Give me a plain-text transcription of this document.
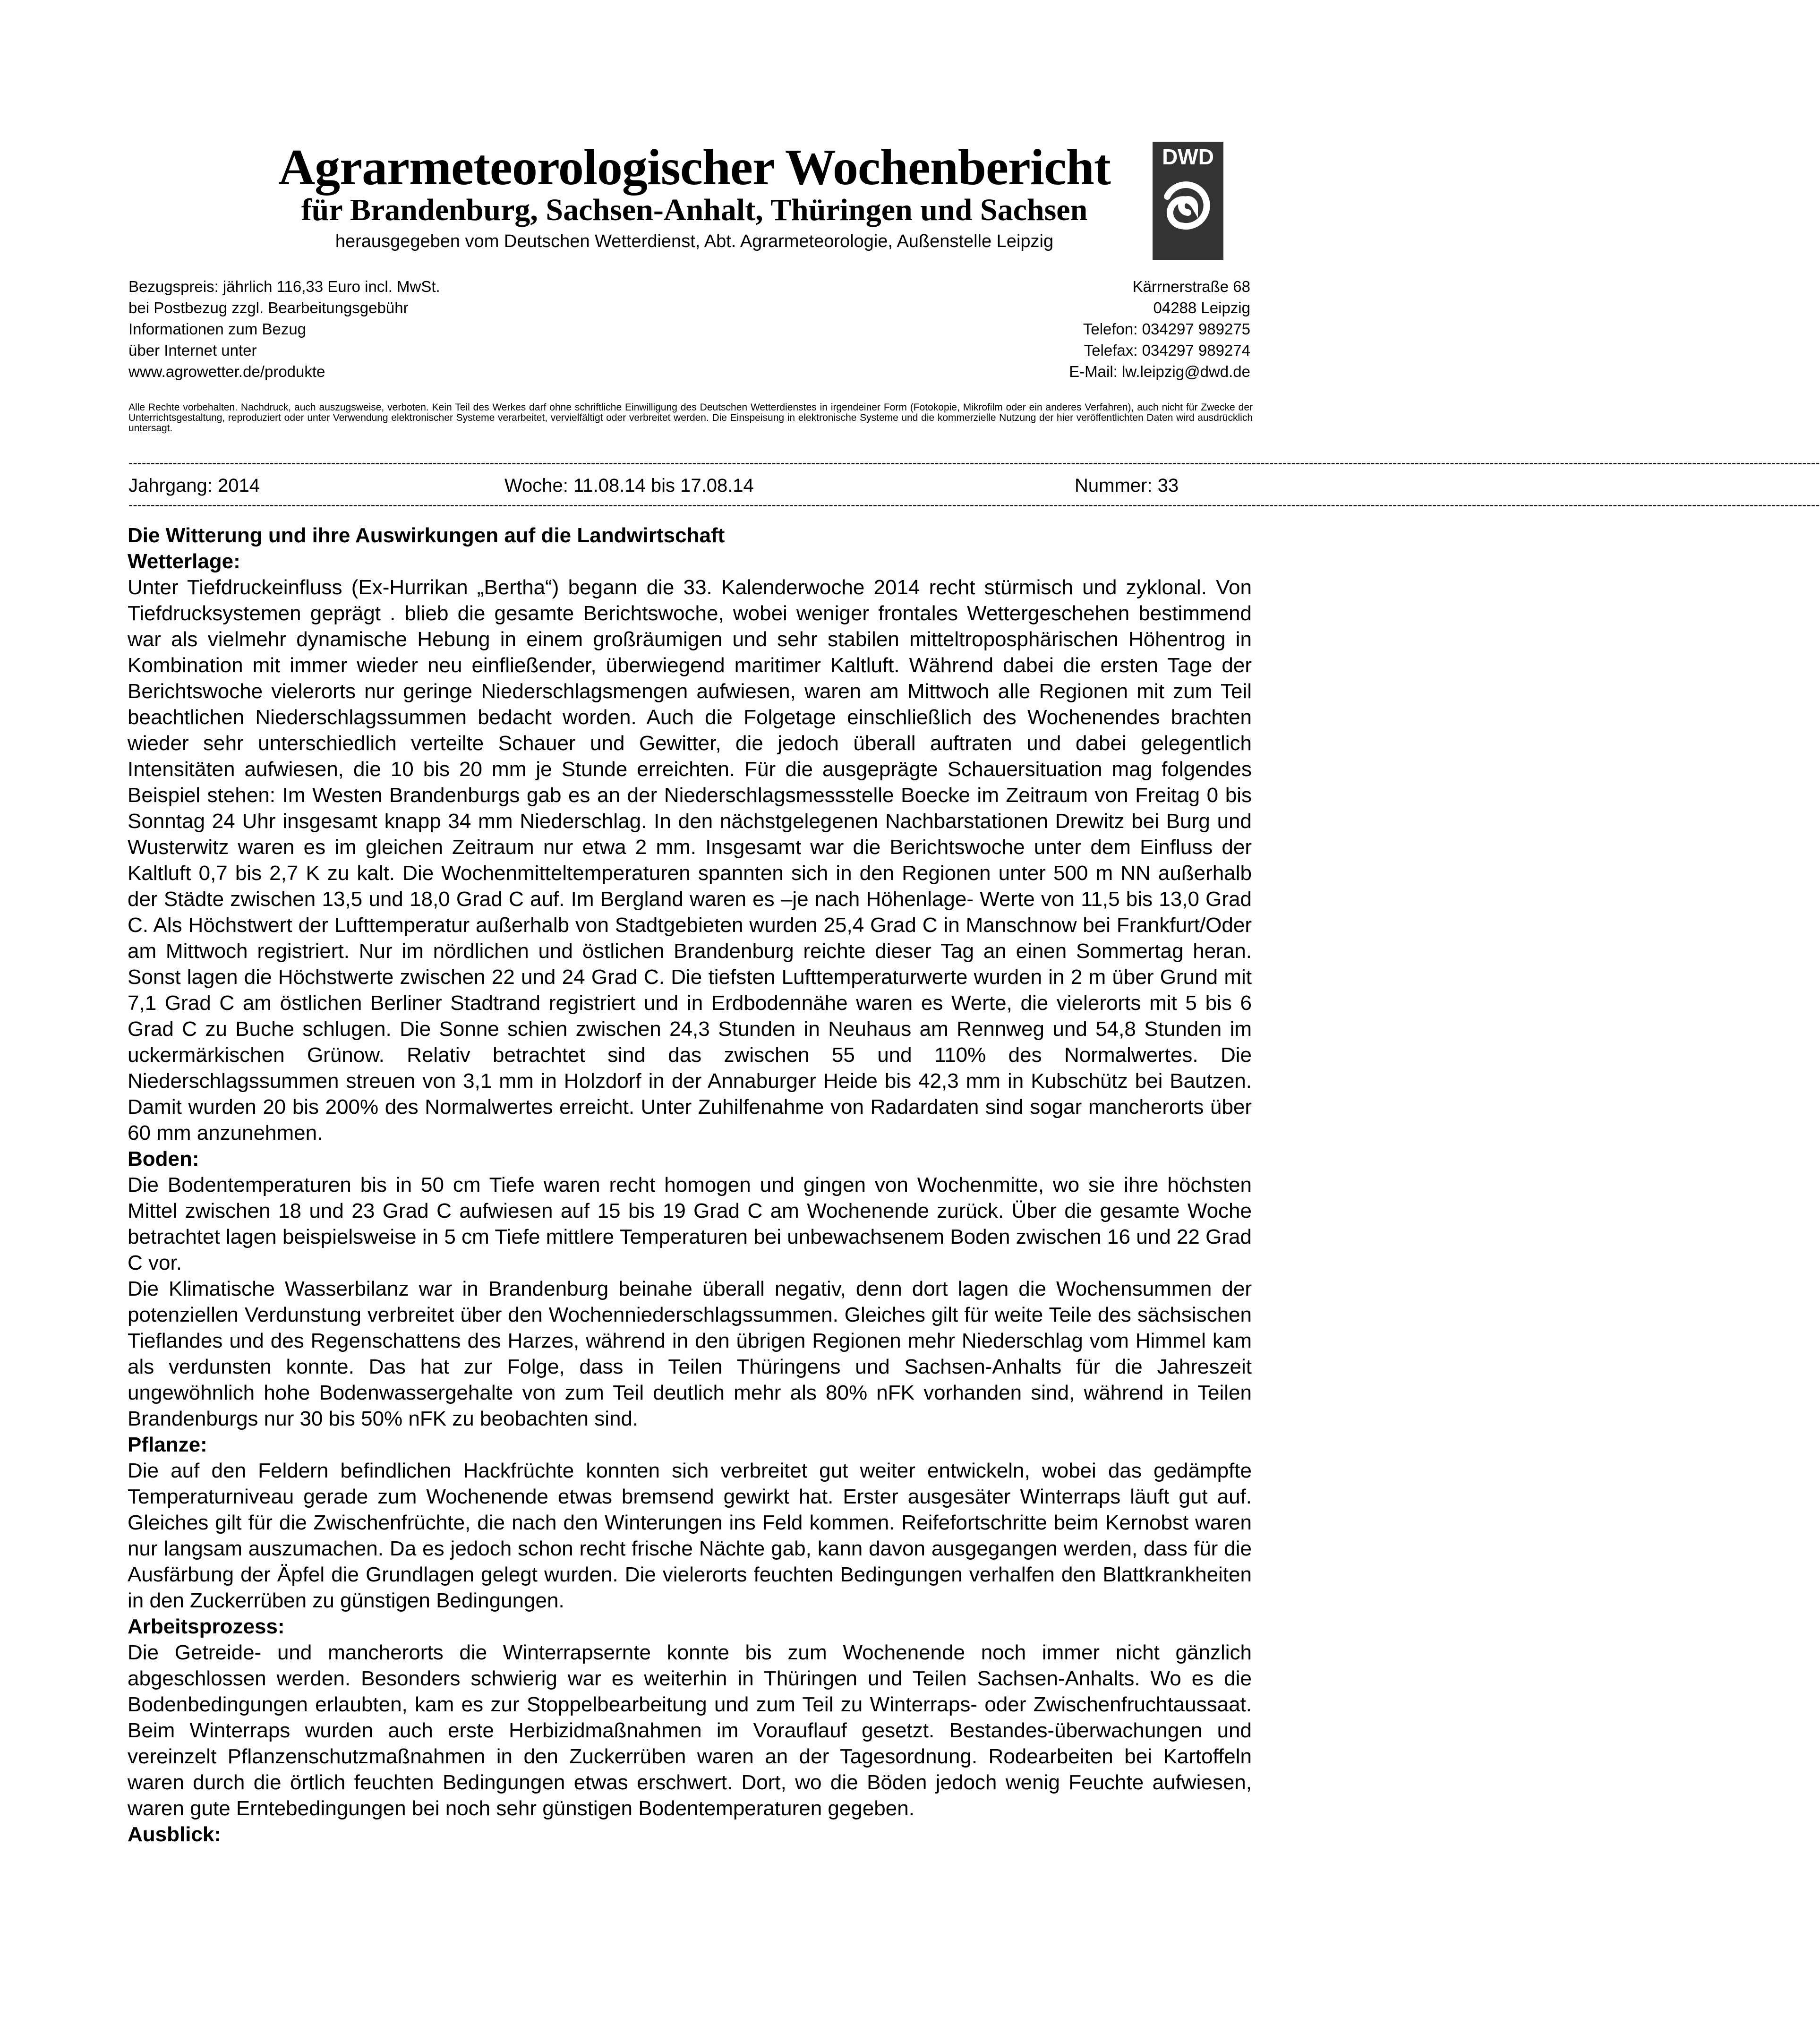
Agrarmeteorologischer Wochenbericht
für Brandenburg, Sachsen-Anhalt, Thüringen und Sachsen
herausgegeben vom Deutschen Wetterdienst, Abt. Agrarmeteorologie, Außenstelle Leipzig
DWD
Bezugspreis: jährlich 116,33 Euro incl. MwSt.
bei Postbezug zzgl. Bearbeitungsgebühr
Informationen zum Bezug
über Internet unter
www.agrowetter.de/produkte
Kärrnerstraße 68
04288 Leipzig
Telefon: 034297 989275
Telefax: 034297 989274
E-Mail: lw.leipzig@dwd.de
Alle Rechte vorbehalten. Nachdruck, auch auszugsweise, verboten. Kein Teil des Werkes darf ohne schriftliche Einwilligung des Deutschen Wetterdienstes in irgendeiner Form (Fotokopie, Mikrofilm oder ein anderes Verfahren), auch nicht für Zwecke der Unterrichtsgestaltung, reproduziert oder unter Verwendung elektronischer Systeme verarbeitet, vervielfältigt oder verbreitet werden. Die Einspeisung in elektronische Systeme und die kommerzielle Nutzung der hier veröffentlichten Daten wird ausdrücklich untersagt.
------------------------------------------------------------------------------------------------------------------------------------------------------------------------------------------------------------------------------------------------------------------------------------------------------------------------------------------------------------------------------------------------
------------------------------------------------------------------------------------------------------------------------------------------------------------------------------------------------------------------------------------------------------------------------------------------------------------------------------------------------------------------------------------------------
Jahrgang: 2014	Woche: 11.08.14 bis 17.08.14	Nummer: 33
Die Witterung und ihre Auswirkungen auf die Landwirtschaft
Wetterlage:

Unter Tiefdruckeinfluss (Ex-Hurrikan „Bertha“) begann die 33. Kalenderwoche 2014 recht stürmisch und zyklonal. Von Tiefdrucksystemen geprägt . blieb die gesamte Berichtswoche, wobei weniger frontales Wettergeschehen bestimmend war als vielmehr dynamische Hebung in einem großräumigen und sehr stabilen mitteltroposphärischen Höhentrog in Kombination mit immer wieder neu einfließender, überwiegend maritimer Kaltluft. Während dabei die ersten Tage der Berichtswoche vielerorts nur geringe Niederschlagsmengen aufwiesen, waren am Mittwoch alle Regionen mit zum Teil beachtlichen Niederschlagssummen bedacht worden. Auch die Folgetage einschließlich des Wochenendes brachten wieder sehr unterschiedlich verteilte Schauer und Gewitter, die jedoch überall auftraten und dabei gelegentlich Intensitäten aufwiesen, die 10 bis 20 mm je Stunde erreichten. Für die ausgeprägte Schauersituation mag folgendes Beispiel stehen: Im Westen Brandenburgs gab es an der Niederschlagsmessstelle Boecke im Zeitraum von Freitag 0 bis Sonntag 24 Uhr insgesamt knapp 34 mm Niederschlag. In den nächstgelegenen Nachbarstationen Drewitz bei Burg und Wusterwitz waren es im gleichen Zeitraum nur etwa 2 mm. Insgesamt war die Berichtswoche unter dem Einfluss der Kaltluft 0,7 bis 2,7 K zu kalt. Die Wochenmitteltemperaturen spannten sich in den Regionen unter 500 m NN außerhalb der Städte zwischen 13,5 und 18,0 Grad C auf. Im Bergland waren es –je nach Höhenlage- Werte von 11,5 bis 13,0 Grad C. Als Höchstwert der Lufttemperatur außerhalb von Stadtgebieten wurden 25,4 Grad C in Manschnow bei Frankfurt/Oder am Mittwoch registriert. Nur im nördlichen und östlichen Brandenburg reichte dieser Tag an einen Sommertag heran. Sonst lagen die Höchstwerte zwischen 22 und 24 Grad C. Die tiefsten Lufttemperaturwerte wurden in 2 m über Grund mit 7,1 Grad C am östlichen Berliner Stadtrand registriert und in Erdbodennähe waren es Werte, die vielerorts mit 5 bis 6 Grad C zu Buche schlugen. Die Sonne schien zwischen 24,3 Stunden in Neuhaus am Rennweg und 54,8 Stunden im uckermärkischen Grünow. Relativ betrachtet sind das zwischen 55 und 110% des Normalwertes. Die Niederschlagssummen streuen von 3,1 mm in Holzdorf in der Annaburger Heide bis 42,3 mm in Kubschütz bei Bautzen. Damit wurden 20 bis 200% des Normalwertes erreicht. Unter Zuhilfenahme von Radardaten sind sogar mancherorts über 60 mm anzunehmen.

Boden:

Die Bodentemperaturen bis in 50 cm Tiefe waren recht homogen und gingen von Wochenmitte, wo sie ihre höchsten Mittel zwischen 18 und 23 Grad C aufwiesen auf 15 bis 19 Grad C am Wochenende zurück. Über die gesamte Woche betrachtet lagen beispielsweise in 5 cm Tiefe mittlere Temperaturen bei unbewachsenem Boden zwischen 16 und 22 Grad C vor.

Die Klimatische Wasserbilanz war in Brandenburg beinahe überall negativ, denn dort lagen die Wochensummen der potenziellen Verdunstung verbreitet über den Wochenniederschlagssummen. Gleiches gilt für weite Teile des sächsischen Tieflandes und des Regenschattens des Harzes, während in den übrigen Regionen mehr Niederschlag vom Himmel kam als verdunsten konnte. Das hat zur Folge, dass in Teilen Thüringens und Sachsen-Anhalts für die Jahreszeit ungewöhnlich hohe Bodenwassergehalte von zum Teil deutlich mehr als 80% nFK vorhanden sind, während in Teilen Brandenburgs nur 30 bis 50% nFK zu beobachten sind.

Pflanze:

Die auf den Feldern befindlichen Hackfrüchte konnten sich verbreitet gut weiter entwickeln, wobei das gedämpfte Temperaturniveau gerade zum Wochenende etwas bremsend gewirkt hat. Erster ausgesäter Winterraps läuft gut auf. Gleiches gilt für die Zwischenfrüchte, die nach den Winterungen ins Feld kommen. Reifefortschritte beim Kernobst waren nur langsam auszumachen. Da es jedoch schon recht frische Nächte gab, kann davon ausgegangen werden, dass für die Ausfärbung der Äpfel die Grundlagen gelegt wurden. Die vielerorts feuchten Bedingungen verhalfen den Blattkrankheiten in den Zuckerrüben zu günstigen Bedingungen.

Arbeitsprozess:

Die Getreide- und mancherorts die Winterrapsernte konnte bis zum Wochenende noch immer nicht gänzlich abgeschlossen werden. Besonders schwierig war es weiterhin in Thüringen und Teilen Sachsen-Anhalts. Wo es die Bodenbedingungen erlaubten, kam es zur Stoppelbearbeitung und zum Teil zu Winterraps- oder Zwischenfruchtaussaat. Beim Winterraps wurden auch erste Herbizidmaßnahmen im Vorauflauf gesetzt. Bestandes-überwachungen und vereinzelt Pflanzenschutzmaßnahmen in den Zuckerrüben waren an der Tagesordnung. Rodearbeiten bei Kartoffeln waren durch die örtlich feuchten Bedingungen etwas erschwert. Dort, wo die Böden jedoch wenig Feuchte aufwiesen, waren gute Erntebedingungen bei noch sehr günstigen Bodentemperaturen gegeben.

Ausblick:
